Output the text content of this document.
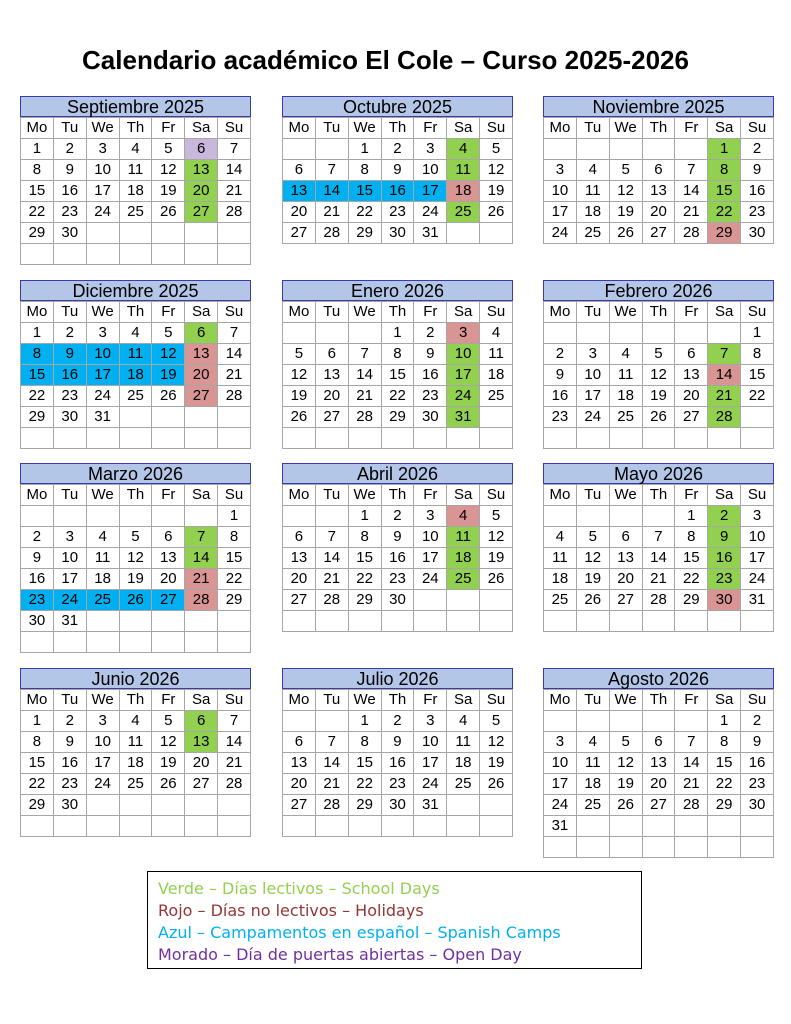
Calendario académico El Cole – Curso 2025-2026
Septiembre 2025
Mo	Tu	We	Th	Fr	Sa	Su
1	2	3	4	5	6	7
8	9	10	11	12	13	14
15	16	17	18	19	20	21
22	23	24	25	26	27	28
29	30					

Octubre 2025
Mo	Tu	We	Th	Fr	Sa	Su
		1	2	3	4	5
6	7	8	9	10	11	12
13	14	15	16	17	18	19
20	21	22	23	24	25	26
27	28	29	30	31		
Noviembre 2025
Mo	Tu	We	Th	Fr	Sa	Su
					1	2
3	4	5	6	7	8	9
10	11	12	13	14	15	16
17	18	19	20	21	22	23
24	25	26	27	28	29	30
Diciembre 2025
Mo	Tu	We	Th	Fr	Sa	Su
1	2	3	4	5	6	7
8	9	10	11	12	13	14
15	16	17	18	19	20	21
22	23	24	25	26	27	28
29	30	31				

Enero 2026
Mo	Tu	We	Th	Fr	Sa	Su
			1	2	3	4
5	6	7	8	9	10	11
12	13	14	15	16	17	18
19	20	21	22	23	24	25
26	27	28	29	30	31	

Febrero 2026
Mo	Tu	We	Th	Fr	Sa	Su
						1
2	3	4	5	6	7	8
9	10	11	12	13	14	15
16	17	18	19	20	21	22
23	24	25	26	27	28	

Marzo 2026
Mo	Tu	We	Th	Fr	Sa	Su
						1
2	3	4	5	6	7	8
9	10	11	12	13	14	15
16	17	18	19	20	21	22
23	24	25	26	27	28	29
30	31					

Abril 2026
Mo	Tu	We	Th	Fr	Sa	Su
		1	2	3	4	5
6	7	8	9	10	11	12
13	14	15	16	17	18	19
20	21	22	23	24	25	26
27	28	29	30			

Mayo 2026
Mo	Tu	We	Th	Fr	Sa	Su
				1	2	3
4	5	6	7	8	9	10
11	12	13	14	15	16	17
18	19	20	21	22	23	24
25	26	27	28	29	30	31

Junio 2026
Mo	Tu	We	Th	Fr	Sa	Su
1	2	3	4	5	6	7
8	9	10	11	12	13	14
15	16	17	18	19	20	21
22	23	24	25	26	27	28
29	30					

Julio 2026
Mo	Tu	We	Th	Fr	Sa	Su
		1	2	3	4	5
6	7	8	9	10	11	12
13	14	15	16	17	18	19
20	21	22	23	24	25	26
27	28	29	30	31		

Agosto 2026
Mo	Tu	We	Th	Fr	Sa	Su
					1	2
3	4	5	6	7	8	9
10	11	12	13	14	15	16
17	18	19	20	21	22	23
24	25	26	27	28	29	30
31						

Verde – Días lectivos – School Days
Rojo – Días no lectivos – Holidays
Azul – Campamentos en español – Spanish Camps
Morado – Día de puertas abiertas – Open Day
